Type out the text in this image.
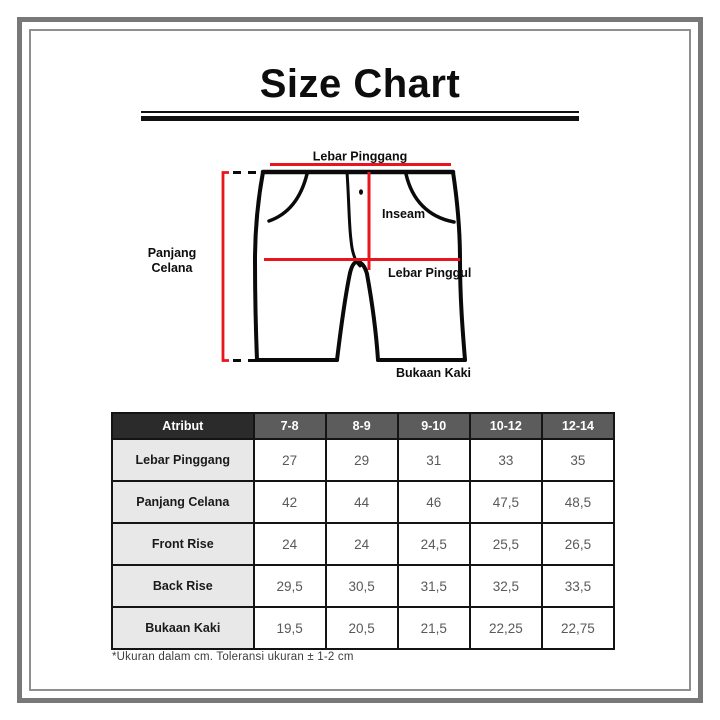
Size Chart
Lebar Pinggang
Inseam
Lebar Pinggul
Panjang
Celana
Bukaan Kaki
Atribut	7-8	8-9	9-10	10-12	12-14
Lebar Pinggang	27	29	31	33	35
Panjang Celana	42	44	46	47,5	48,5
Front Rise	24	24	24,5	25,5	26,5
Back Rise	29,5	30,5	31,5	32,5	33,5
Bukaan Kaki	19,5	20,5	21,5	22,25	22,75
*Ukuran dalam cm. Toleransi ukuran ± 1-2 cm
